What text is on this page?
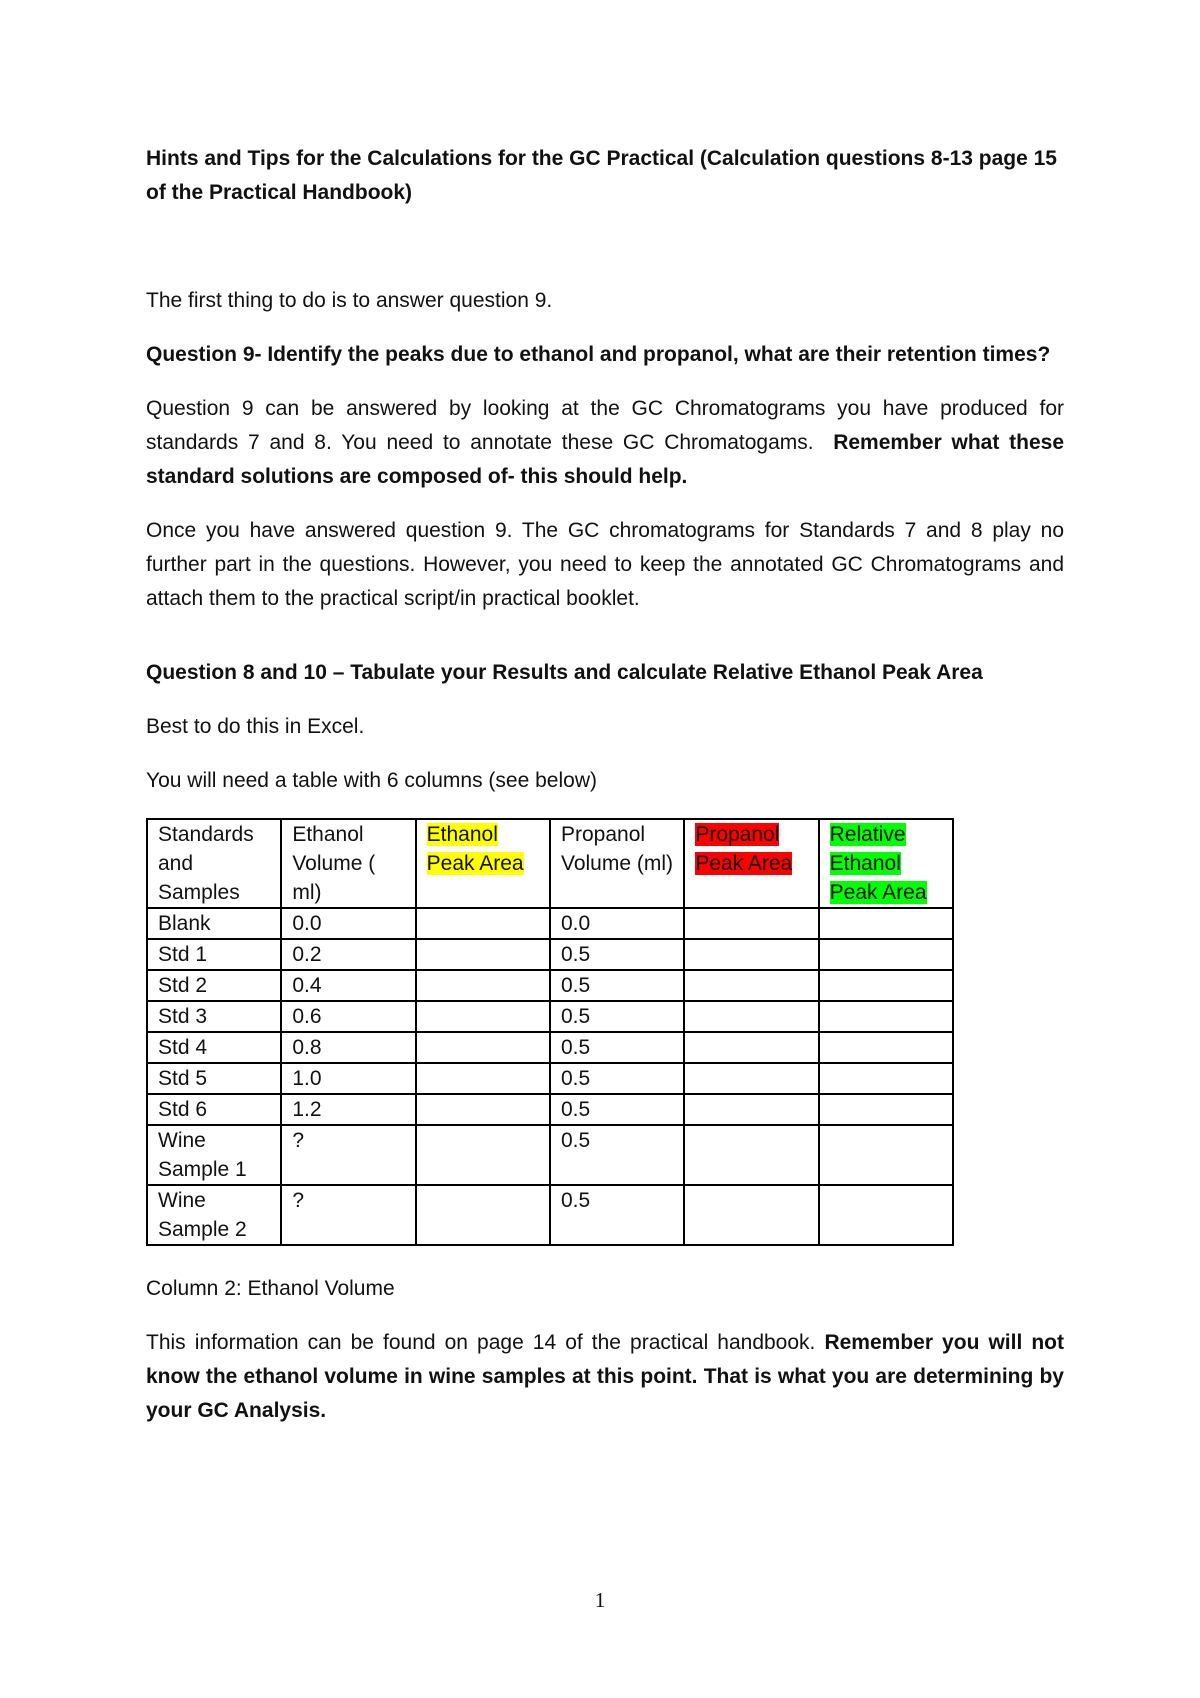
Hints and Tips for the Calculations for the GC Practical (Calculation questions 8-13 page 15 of the Practical Handbook)

The first thing to do is to answer question 9.

Question 9- Identify the peaks due to ethanol and propanol, what are their retention times?

Question 9 can be answered by looking at the GC Chromatograms you have produced for standards 7 and 8. You need to annotate these GC Chromatogams. Remember what these standard solutions are composed of- this should help.

Once you have answered question 9. The GC chromatograms for Standards 7 and 8 play no further part in the questions. However, you need to keep the annotated GC Chromatograms and attach them to the practical script/in practical booklet.

Question 8 and 10 – Tabulate your Results and calculate Relative Ethanol Peak Area

Best to do this in Excel.

You will need a table with 6 columns (see below)

Standards and Samples	Ethanol Volume ( ml)	Ethanol Peak Area	Propanol Volume (ml)	Propanol Peak Area	Relative Ethanol Peak Area
Blank	0.0		0.0		
Std 1	0.2		0.5		
Std 2	0.4		0.5		
Std 3	0.6		0.5		
Std 4	0.8		0.5		
Std 5	1.0		0.5		
Std 6	1.2		0.5		
Wine Sample 1	?		0.5		
Wine Sample 2	?		0.5		

Column 2: Ethanol Volume

This information can be found on page 14 of the practical handbook. Remember you will not know the ethanol volume in wine samples at this point. That is what you are determining by your GC Analysis.

1
